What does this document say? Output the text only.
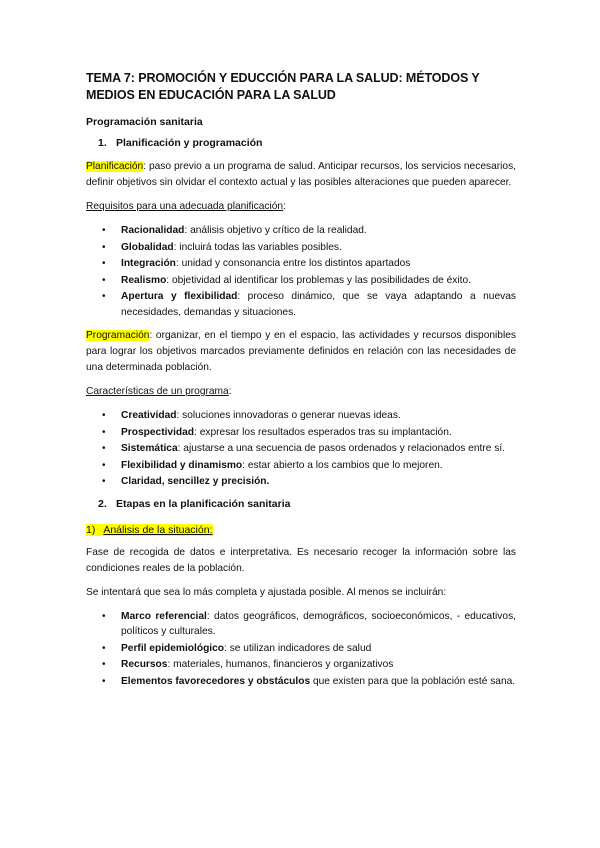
TEMA 7: PROMOCIÓN Y EDUCCIÓN PARA LA SALUD: MÉTODOS Y MEDIOS EN EDUCACIÓN PARA LA SALUD
Programación sanitaria
1. Planificación y programación

Planificación: paso previo a un programa de salud. Anticipar recursos, los servicios necesarios, definir objetivos sin olvidar el contexto actual y las posibles alteraciones que pueden aparecer.

Requisitos para una adecuada planificación:

• Racionalidad: análisis objetivo y crítico de la realidad.
• Globalidad: incluirá todas las variables posibles.
• Integración: unidad y consonancia entre los distintos apartados
• Realismo: objetividad al identificar los problemas y las posibilidades de éxito.
• Apertura y flexibilidad: proceso dinámico, que se vaya adaptando a nuevas necesidades, demandas y situaciones.

Programación: organizar, en el tiempo y en el espacio, las actividades y recursos disponibles para lograr los objetivos marcados previamente definidos en relación con las necesidades de una determinada población.

Características de un programa:

• Creatividad: soluciones innovadoras o generar nuevas ideas.
• Prospectividad: expresar los resultados esperados tras su implantación.
• Sistemática: ajustarse a una secuencia de pasos ordenados y relacionados entre sí.
• Flexibilidad y dinamismo: estar abierto a los cambios que lo mejoren.
• Claridad, sencillez y precisión.
2. Etapas en la planificación sanitaria
1) Análisis de la situación:

Fase de recogida de datos e interpretativa. Es necesario recoger la información sobre las condiciones reales de la población.

Se intentará que sea lo más completa y ajustada posible. Al menos se incluirán:

• Marco referencial: datos geográficos, demográficos, socioeconómicos, - educativos, políticos y culturales.
• Perfil epidemiológico: se utilizan indicadores de salud
• Recursos: materiales, humanos, financieros y organizativos
• Elementos favorecedores y obstáculos que existen para que la población esté sana.
